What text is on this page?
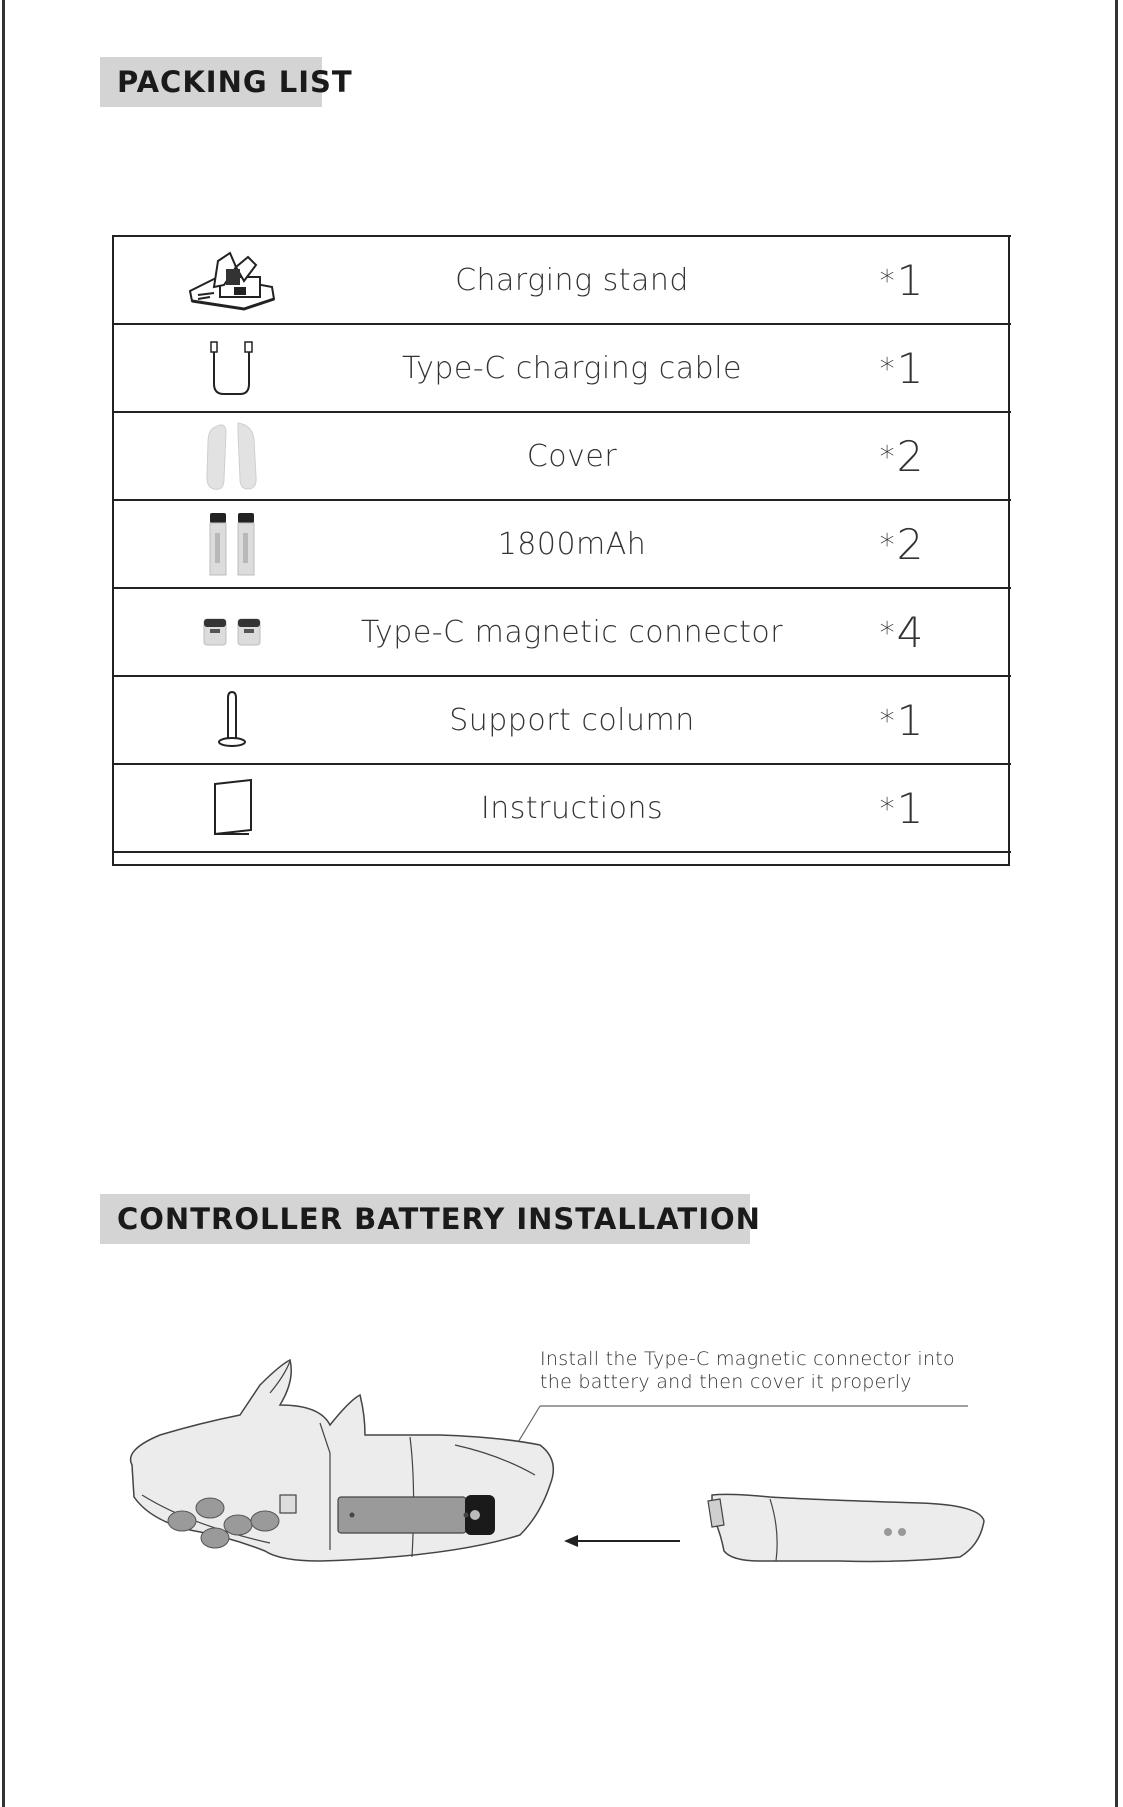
PACKING LIST
	Charging stand	*1
	Type-C charging cable	*1
	Cover	*2
	1800mAh	*2
	Type-C magnetic connector	*4
	Support column	*1
	Instructions	*1
CONTROLLER BATTERY INSTALLATION
Install the Type-C magnetic connector into
the battery and then cover it properly
